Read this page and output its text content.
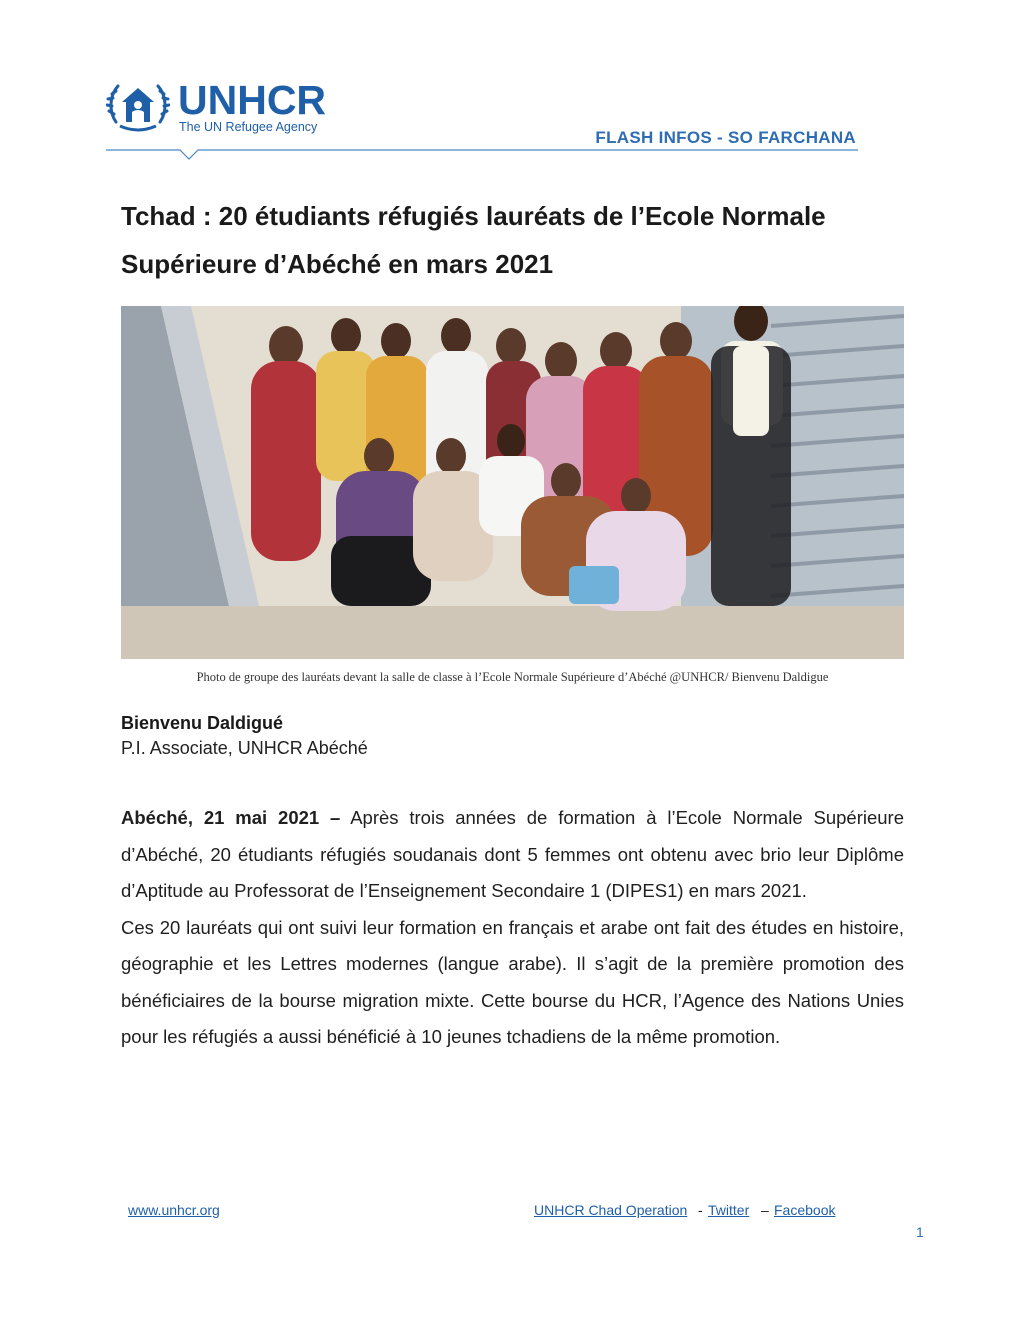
UNHCR
The UN Refugee Agency
FLASH INFOS - SO FARCHANA
Tchad : 20 étudiants réfugiés lauréats de l’Ecole Normale
Supérieure d’Abéché en mars 2021
Photo de groupe des lauréats devant la salle de classe à l’Ecole Normale Supérieure d’Abéché @UNHCR/ Bienvenu Daldigue
Bienvenu Daldigué
P.I. Associate, UNHCR Abéché

Abéché, 21 mai 2021 – Après trois années de formation à l’Ecole Normale Supérieure d’Abéché, 20 étudiants réfugiés soudanais dont 5 femmes ont obtenu avec brio leur Diplôme d’Aptitude au Professorat de l’Enseignement Secondaire 1 (DIPES1) en mars 2021.

Ces 20 lauréats qui ont suivi leur formation en français et arabe ont fait des études en histoire, géographie et les Lettres modernes (langue arabe). Il s’agit de la première promotion des bénéficiaires de la bourse migration mixte. Cette bourse du HCR, l’Agence des Nations Unies pour les réfugiés a aussi bénéficié à 10 jeunes tchadiens de la même promotion.

www.unhcr.org	UNHCR Chad Operation - Twitter – Facebook
1
